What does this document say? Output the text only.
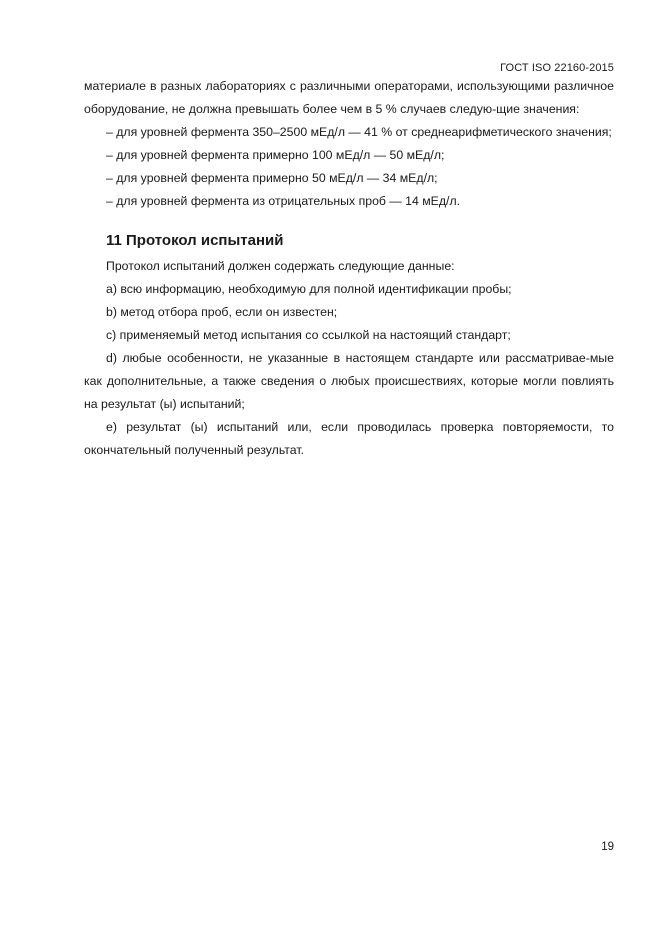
ГОСТ ISO 22160-2015

материале в разных лабораториях с различными операторами, использующими различное оборудование, не должна превышать более чем в 5 % случаев следую-щие значения:

– для уровней фермента 350–2500 мЕд/л — 41 % от среднеарифметического значения;

– для уровней фермента примерно 100 мЕд/л — 50 мЕд/л;

– для уровней фермента примерно 50 мЕд/л — 34 мЕд/л;

– для уровней фермента из отрицательных проб — 14 мЕд/л.

11 Протокол испытаний

Протокол испытаний должен содержать следующие данные:

a) всю информацию, необходимую для полной идентификации пробы;

b) метод отбора проб, если он известен;

c) применяемый метод испытания со ссылкой на настоящий стандарт;

d) любые особенности, не указанные в настоящем стандарте или рассматривае-мые как дополнительные, а также сведения о любых происшествиях, которые могли повлиять на результат (ы) испытаний;

e) результат (ы) испытаний или, если проводилась проверка повторяемости, то окончательный полученный результат.

19
